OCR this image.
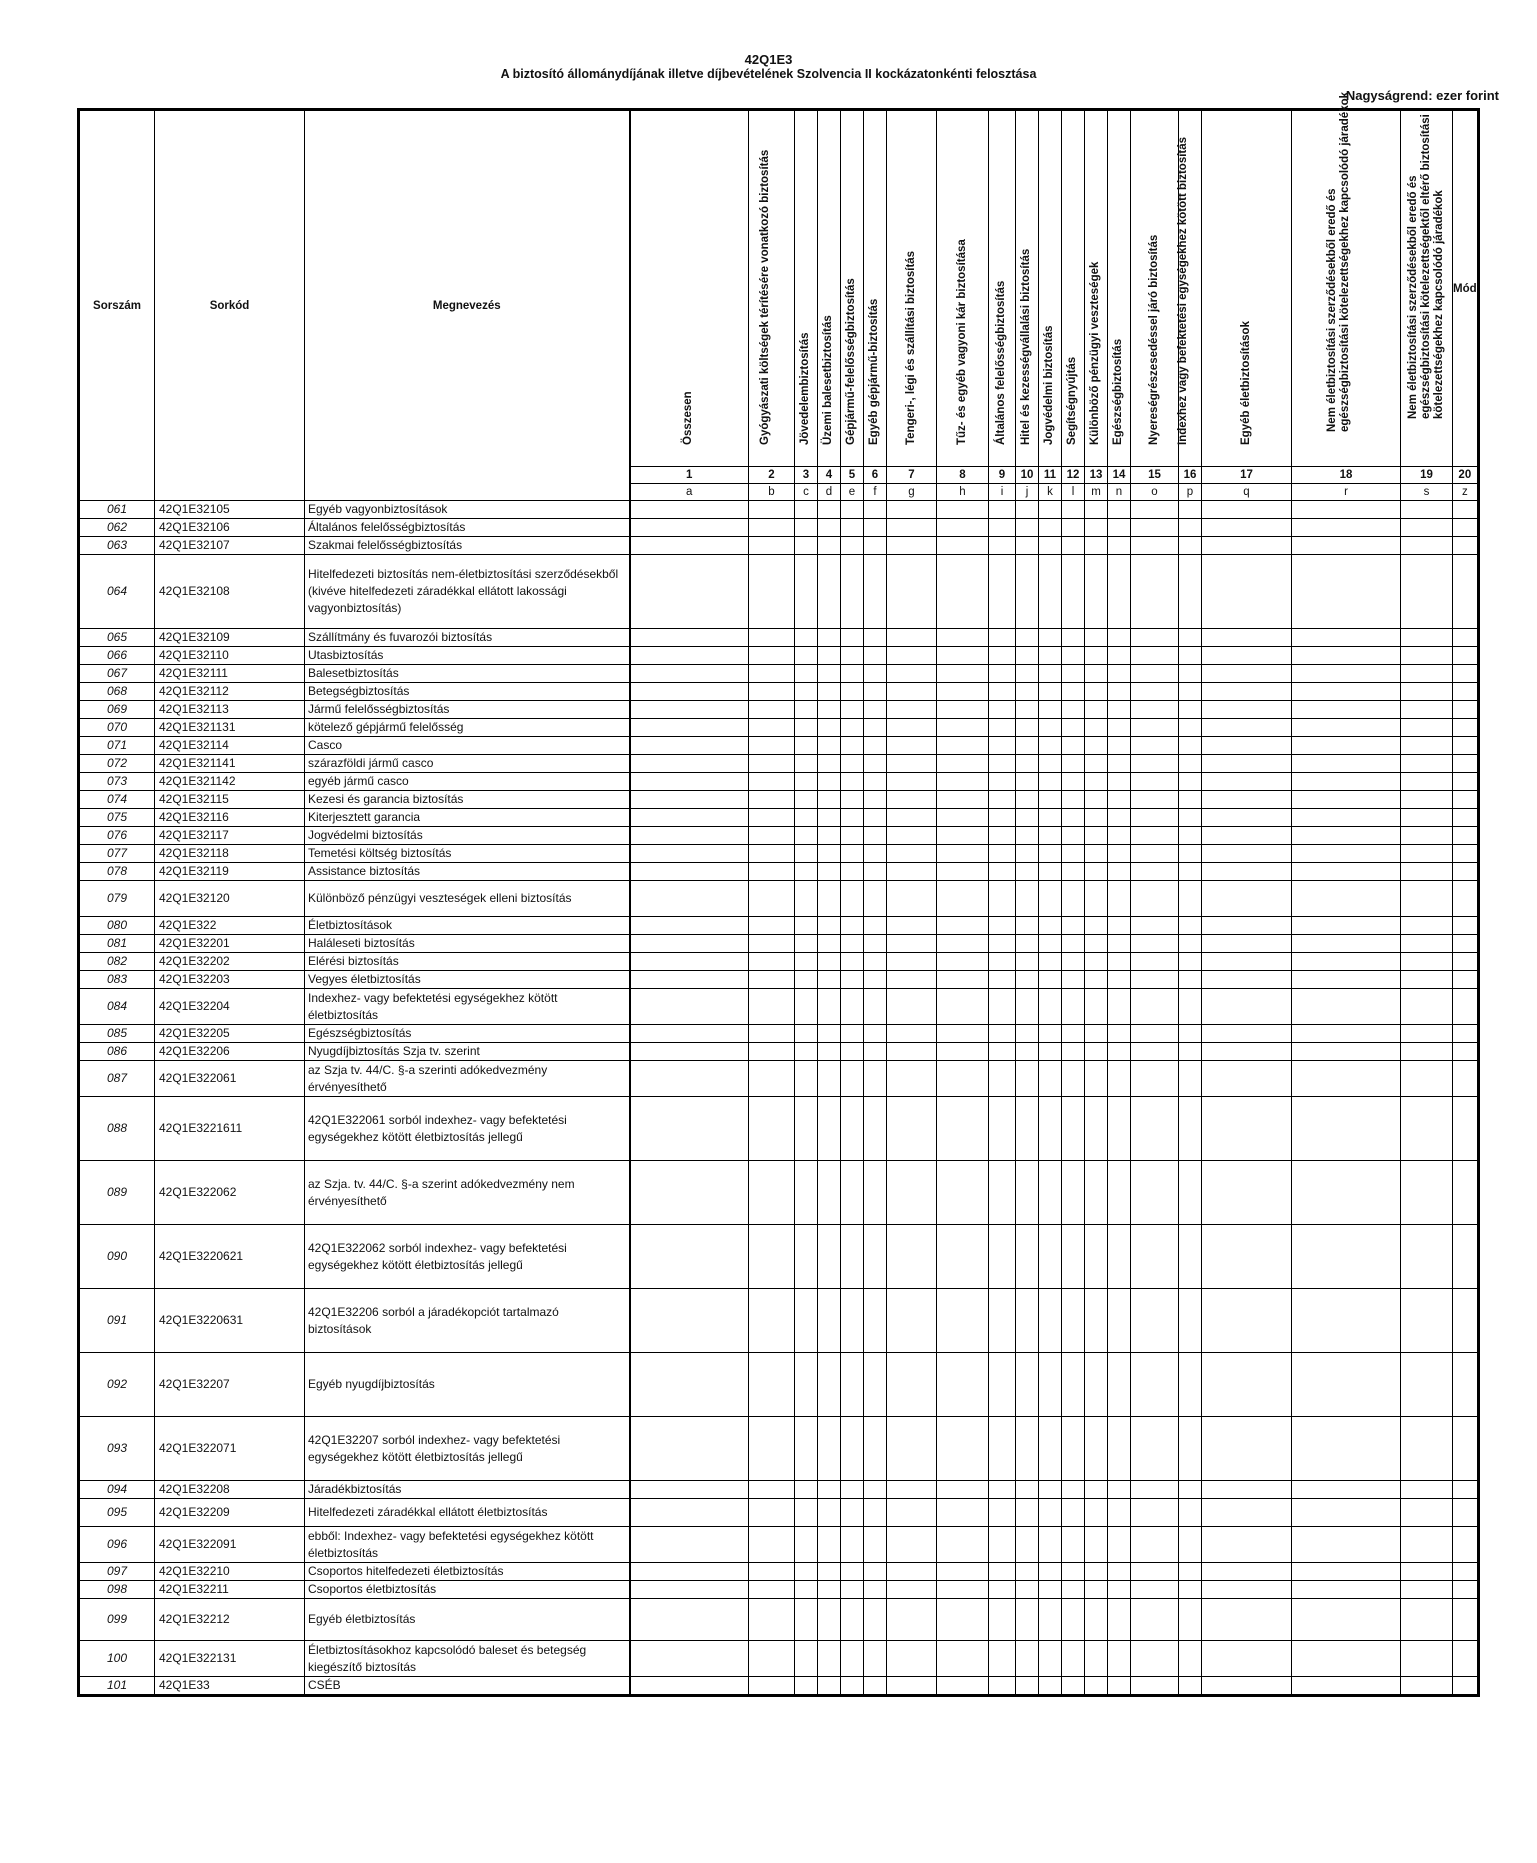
42Q1E3
A biztosító állománydíjának illetve díjbevételének Szolvencia II kockázatonkénti felosztása
Nagyságrend: ezer forint
Sorszám	Sorkód	Megnevezés	Összesen	Gyógyászati költségek térítésére vonatkozó biztosítás	Jövedelembiztosítás	Üzemi balesetbiztosítás	Gépjármű-felelősségbiztosítás	Egyéb gépjármű-biztosítás	Tengeri-, légi és szállítási biztosítás	Tűz- és egyéb vagyoni kár biztosítása	Általános felelősségbiztosítás	Hitel és kezességvállalási biztosítás	Jogvédelmi biztosítás	Segítségnyújtás	Különböző pénzügyi veszteségek	Egészségbiztosítás	Nyereségrészesedéssel járó biztosítás	Indexhez vagy befektetési egységekhez kötött biztosítás	Egyéb életbiztosítások	Nem életbiztosítási szerződésekből eredő és egészségbiztosítási kötelezettségekhez kapcsolódó járadékok	Nem életbiztosítási szerződésekből eredő és egészségbiztosítási kötelezettségektől eltérő biztosítási kötelezettségekhez kapcsolódó járadékok	Mód
			1	2	3	4	5	6	7	8	9	10	11	12	13	14	15	16	17	18	19	20
			a	b	c	d	e	f	g	h	i	j	k	l	m	n	o	p	q	r	s	z
061	42Q1E32105	Egyéb vagyonbiztosítások																				
062	42Q1E32106	Általános felelősségbiztosítás																				
063	42Q1E32107	Szakmai felelősségbiztosítás																				
064	42Q1E32108	Hitelfedezeti biztosítás nem-életbiztosítási szerződésekből (kivéve hitelfedezeti záradékkal ellátott lakossági vagyonbiztosítás)																				
065	42Q1E32109	Szállítmány és fuvarozói biztosítás																				
066	42Q1E32110	Utasbiztosítás																				
067	42Q1E32111	Balesetbiztosítás																				
068	42Q1E32112	Betegségbiztosítás																				
069	42Q1E32113	Jármű felelősségbiztosítás																				
070	42Q1E321131	kötelező gépjármű felelősség																				
071	42Q1E32114	Casco																				
072	42Q1E321141	szárazföldi jármű casco																				
073	42Q1E321142	egyéb jármű casco																				
074	42Q1E32115	Kezesi és garancia biztosítás																				
075	42Q1E32116	Kiterjesztett garancia																				
076	42Q1E32117	Jogvédelmi biztosítás																				
077	42Q1E32118	Temetési költség biztosítás																				
078	42Q1E32119	Assistance biztosítás																				
079	42Q1E32120	Különböző pénzügyi veszteségek elleni biztosítás																				
080	42Q1E322	Életbiztosítások																				
081	42Q1E32201	Haláleseti biztosítás																				
082	42Q1E32202	Elérési biztosítás																				
083	42Q1E32203	Vegyes életbiztosítás																				
084	42Q1E32204	Indexhez- vagy befektetési egységekhez kötött életbiztosítás																				
085	42Q1E32205	Egészségbiztosítás																				
086	42Q1E32206	Nyugdíjbiztosítás Szja tv. szerint																				
087	42Q1E322061	az Szja tv. 44/C. §-a szerinti adókedvezmény érvényesíthető																				
088	42Q1E3221611	42Q1E322061 sorból indexhez- vagy befektetési egységekhez kötött életbiztosítás jellegű																				
089	42Q1E322062	az Szja. tv. 44/C. §-a szerint adókedvezmény nem érvényesíthető																				
090	42Q1E3220621	42Q1E322062 sorból indexhez- vagy befektetési egységekhez kötött életbiztosítás jellegű																				
091	42Q1E3220631	42Q1E32206 sorból a járadékopciót tartalmazó biztosítások																				
092	42Q1E32207	Egyéb nyugdíjbiztosítás																				
093	42Q1E322071	42Q1E32207 sorból indexhez- vagy befektetési egységekhez kötött életbiztosítás jellegű																				
094	42Q1E32208	Járadékbiztosítás																				
095	42Q1E32209	Hitelfedezeti záradékkal ellátott életbiztosítás																				
096	42Q1E322091	ebből: Indexhez- vagy befektetési egységekhez kötött életbiztosítás																				
097	42Q1E32210	Csoportos hitelfedezeti életbiztosítás																				
098	42Q1E32211	Csoportos életbiztosítás																				
099	42Q1E32212	Egyéb életbiztosítás																				
100	42Q1E322131	Életbiztosításokhoz kapcsolódó baleset és betegség kiegészítő biztosítás																				
101	42Q1E33	CSÉB																				
